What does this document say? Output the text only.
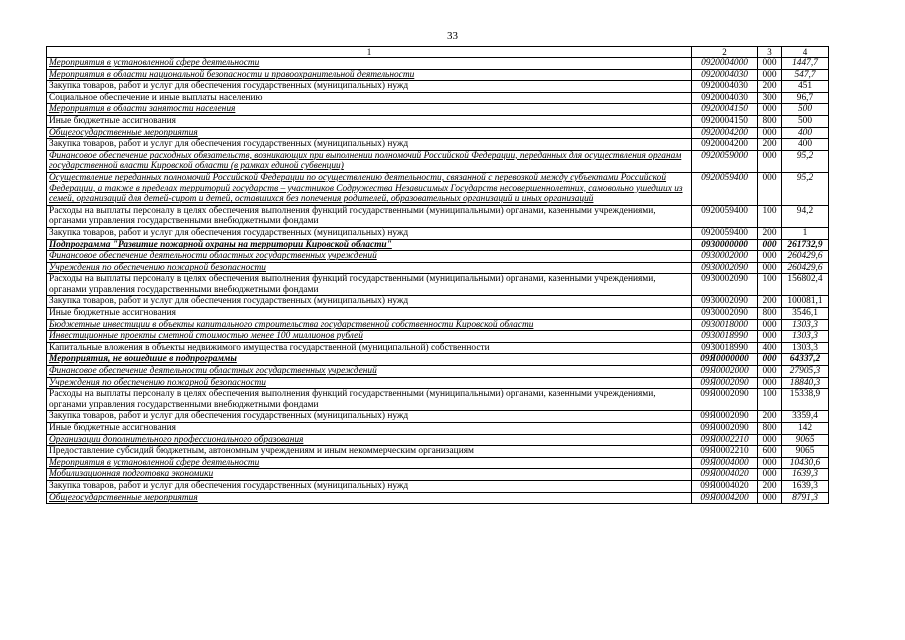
33
1	2	3	4
Мероприятия в установленной сфере деятельности	0920004000	000	1447,7
Мероприятия в области национальной безопасности и правоохранительной деятельности	0920004030	000	547,7
Закупка товаров, работ и услуг для обеспечения государственных (муниципальных) нужд	0920004030	200	451
Социальное обеспечение и иные выплаты населению	0920004030	300	96,7
Мероприятия в области занятости населения	0920004150	000	500
Иные бюджетные ассигнования	0920004150	800	500
Общегосударственные мероприятия	0920004200	000	400
Закупка товаров, работ и услуг для обеспечения государственных (муниципальных) нужд	0920004200	200	400
Финансовое обеспечение расходных обязательств, возникающих при выполнении полномочий Российской Федерации, переданных для осуществления органам государственной власти Кировской области (в рамках единой субвенции)	0920059000	000	95,2
Осуществление переданных полномочий Российской Федерации по осуществлению деятельности, связанной с перевозкой между субъектами Российской Федерации, а также в пределах территорий государств – участников Содружества Независимых Государств несовершеннолетних, самовольно ушедших из семей, организаций для детей-сирот и детей, оставшихся без попечения родителей, образовательных организаций и иных организаций	0920059400	000	95,2
Расходы на выплаты персоналу в целях обеспечения выполнения функций государственными (муниципальными) органами, казенными учреждениями, органами управления государственными внебюджетными фондами	0920059400	100	94,2
Закупка товаров, работ и услуг для обеспечения государственных (муниципальных) нужд	0920059400	200	1
Подпрограмма "Развитие пожарной охраны на территории Кировской области"	0930000000	000	261732,9
Финансовое обеспечение деятельности областных государственных учреждений	0930002000	000	260429,6
Учреждения по обеспечению пожарной безопасности	0930002090	000	260429,6
Расходы на выплаты персоналу в целях обеспечения выполнения функций государственными (муниципальными) органами, казенными учреждениями, органами управления государственными внебюджетными фондами	0930002090	100	156802,4
Закупка товаров, работ и услуг для обеспечения государственных (муниципальных) нужд	0930002090	200	100081,1
Иные бюджетные ассигнования	0930002090	800	3546,1
Бюджетные инвестиции в объекты капитального строительства государственной собственности Кировской области	0930018000	000	1303,3
Инвестиционные проекты сметной стоимостью менее 100 миллионов рублей	0930018990	000	1303,3
Капитальные вложения в объекты недвижимого имущества государственной (муниципальной) собственности	0930018990	400	1303,3
Мероприятия, не вошедшие в подпрограммы	09Я0000000	000	64337,2
Финансовое обеспечение деятельности областных государственных учреждений	09Я0002000	000	27905,3
Учреждения по обеспечению пожарной безопасности	09Я0002090	000	18840,3
Расходы на выплаты персоналу в целях обеспечения выполнения функций государственными (муниципальными) органами, казенными учреждениями, органами управления государственными внебюджетными фондами	09Я0002090	100	15338,9
Закупка товаров, работ и услуг для обеспечения государственных (муниципальных) нужд	09Я0002090	200	3359,4
Иные бюджетные ассигнования	09Я0002090	800	142
Организации дополнительного профессионального образования	09Я0002210	000	9065
Предоставление субсидий бюджетным, автономным учреждениям и иным некоммерческим организациям	09Я0002210	600	9065
Мероприятия в установленной сфере деятельности	09Я0004000	000	10430,6
Мобилизационная подготовка экономики	09Я0004020	000	1639,3
Закупка товаров, работ и услуг для обеспечения государственных (муниципальных) нужд	09Я0004020	200	1639,3
Общегосударственные мероприятия	09Я0004200	000	8791,3
